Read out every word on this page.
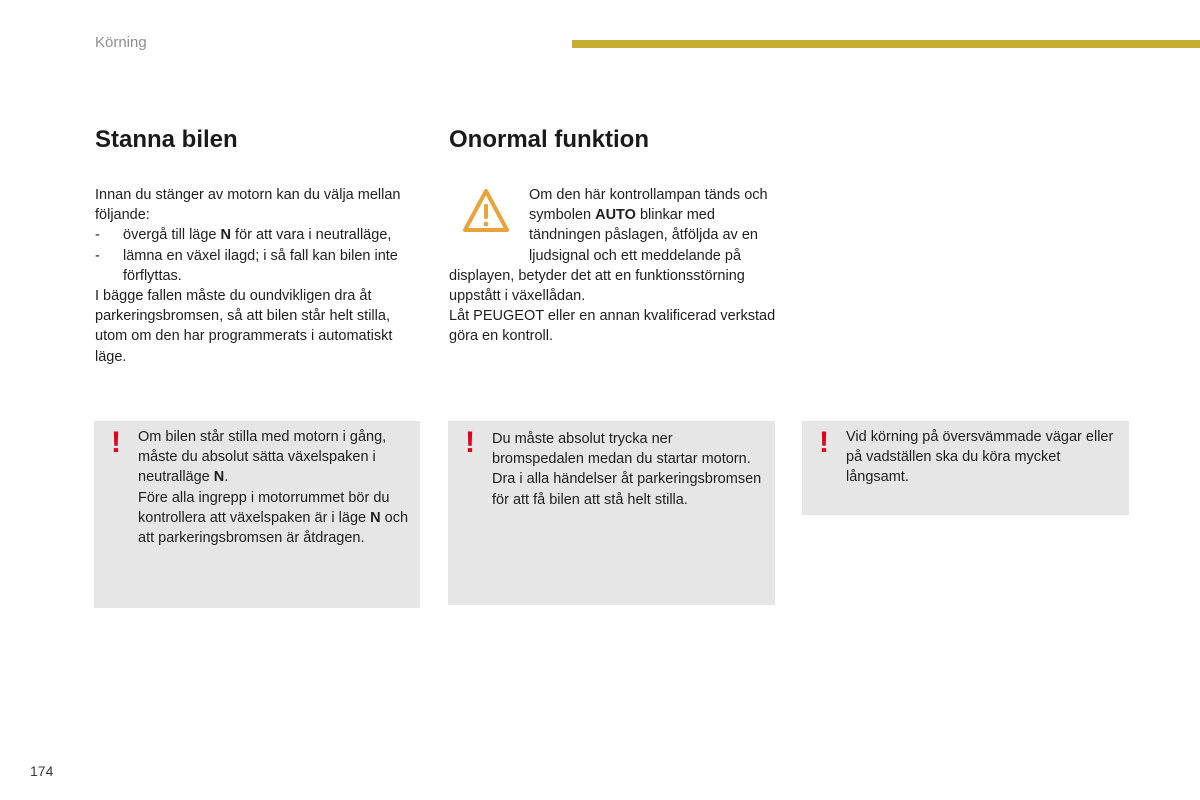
Körning
Stanna bilen

Innan du stänger av motorn kan du välja mellan följande:

-	övergå till läge N för att vara i neutralläge,
-	lämna en växel ilagd; i så fall kan bilen inte förflyttas.

I bägge fallen måste du oundvikligen dra åt parkeringsbromsen, så att bilen står helt stilla, utom om den har programmerats i automatiskt läge.

Onormal funktion

Om den här kontrollampan tänds och symbolen AUTO blinkar med tändningen påslagen, åtföljda av en ljudsignal och ett meddelande på displayen, betyder det att en funktionsstörning uppstått i växellådan.

Låt PEUGEOT eller en annan kvalificerad verkstad göra en kontroll.

! Om bilen står stilla med motorn i gång, måste du absolut sätta växelspaken i neutralläge N.

Före alla ingrepp i motorrummet bör du kontrollera att växelspaken är i läge N och att parkeringsbromsen är åtdragen.

! Du måste absolut trycka ner bromspedalen medan du startar motorn.

Dra i alla händelser åt parkeringsbromsen för att få bilen att stå helt stilla.

! Vid körning på översvämmade vägar eller på vadställen ska du köra mycket långsamt.

174
